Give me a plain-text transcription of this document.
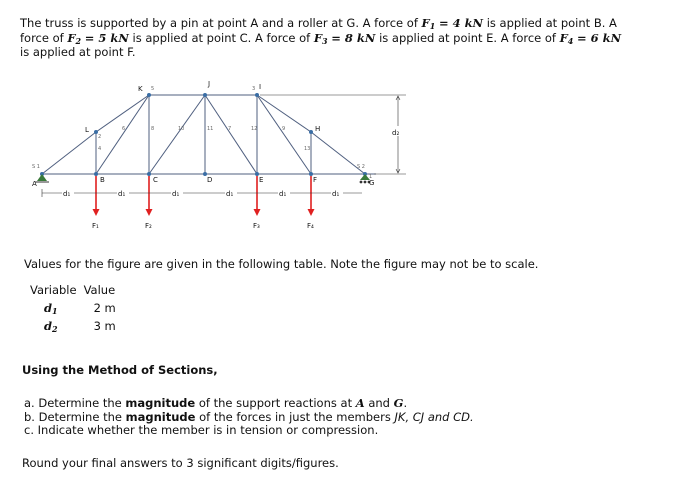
The truss is supported by a pin at point A and a roller at G. A force of $F_1 = 4$ kN is applied at point B. A

force of $F_2 = 5$ kN is applied at point C. A force of $F_3 = 8$ kN is applied at point E. A force of $F_4 = 6$ kN

is applied at point F.

A	B	C	D	E	F	G
H
I
J
K
L
2
4
6	8	10	11	7	12	9
13
5	3
1
S 1	S 2
F₁	F₂	F₃	F₄
d₁	d₁	d₁	d₁	d₁	d₁
d₂

Values for the figure are given in the following table. Note the figure may not be to scale.

Variable	Value
$d_1$	2 m
$d_2$	3 m

Using the Method of Sections,

a. Determine the magnitude of the support reactions at A and G.
b. Determine the magnitude of the forces in just the members JK, CJ and CD.
c. Indicate whether the member is in tension or compression.

Round your final answers to 3 significant digits/figures.
